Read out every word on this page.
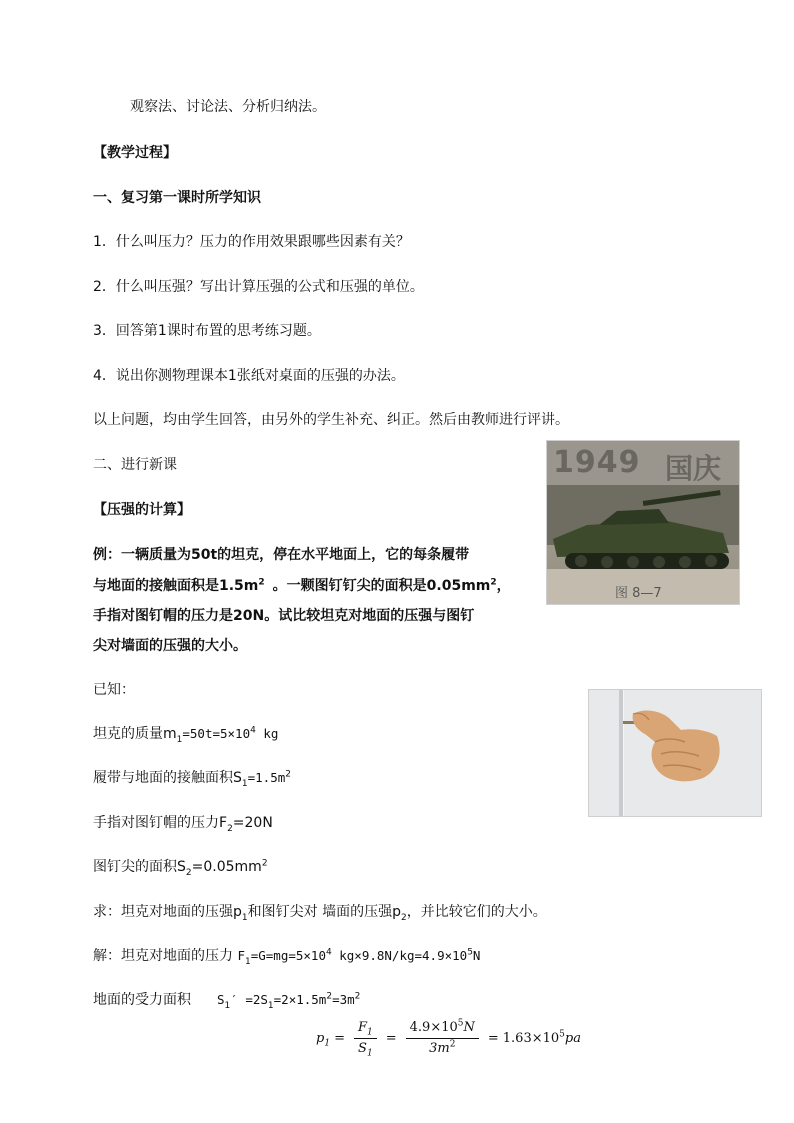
观察法、讨论法、分析归纳法。
【教学过程】
一、复习第一课时所学知识
1．什么叫压力？压力的作用效果跟哪些因素有关？
2．什么叫压强？写出计算压强的公式和压强的单位。
3．回答第1课时布置的思考练习题。
4．说出你测物理课本1张纸对桌面的压强的办法。
以上问题，均由学生回答，由另外的学生补充、纠正。然后由教师进行评讲。
二、进行新课
【压强的计算】
例：一辆质量为50t的坦克，停在水平地面上，它的每条履带
与地面的接触面积是$1.5m^2$ 。一颗图钉钉尖的面积是$0.05mm^2$，
手指对图钉帽的压力是20N。试比较坦克对地面的压强与图钉
尖对墙面的压强的大小。
已知：
坦克的质量$m_1=50t=5\times 10^4$ kg
履带与地面的接触面积$S_1=1.5m^2$
手指对图钉帽的压力$F_2=20N$
图钉尖的面积$S_2=0.05mm^2$
求：坦克对地面的压强$p_1$和图钉尖对 墙面的压强$p_2$，并比较它们的大小。
解：坦克对地面的压力 $F_1=G=mg=5\times 10^4$ $kg\times 9.8N/kg=4.9\times 10^5N$
地面的受力面积 $S_1' =2S_1=2\times 1.5m^2=3m^2$
$p_1 = \frac{F_1}{S_1} = \frac{4.9\times 10^5N}{3m^2} = 1.63\times 10^5pa$
1949 国庆
图 8—7
